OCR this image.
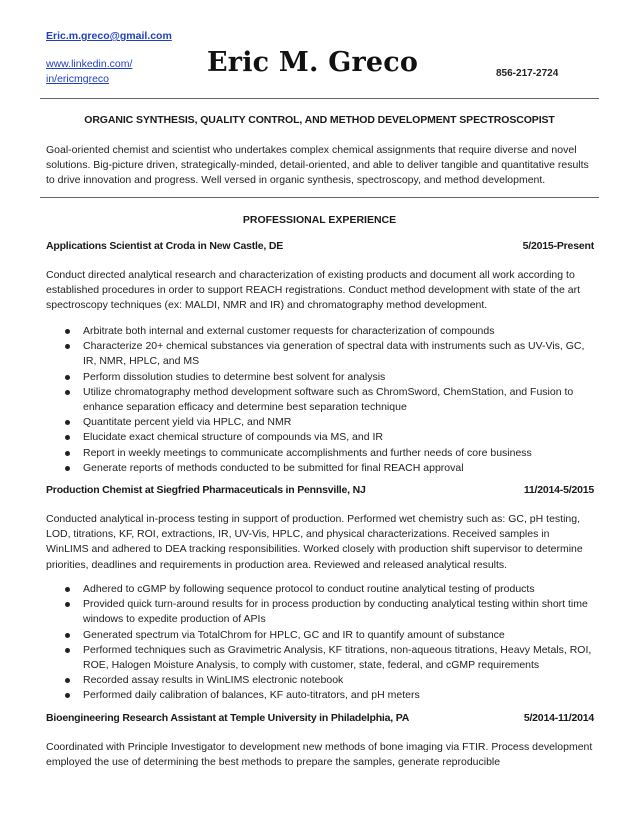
Eric.m.greco@gmail.com
www.linkedin.com/ in/ericmgreco
Eric M. Greco	856-217-2724
ORGANIC SYNTHESIS, QUALITY CONTROL, AND METHOD DEVELOPMENT SPECTROSCOPIST
Goal-oriented chemist and scientist who undertakes complex chemical assignments that require diverse and novel solutions. Big-picture driven, strategically-minded, detail-oriented, and able to deliver tangible and quantitative results to drive innovation and progress. Well versed in organic synthesis, spectroscopy, and method development.
PROFESSIONAL EXPERIENCE
Applications Scientist at Croda in New Castle, DE	5/2015-Present
Conduct directed analytical research and characterization of existing products and document all work according to established procedures in order to support REACH registrations. Conduct method development with state of the art spectroscopy techniques (ex: MALDI, NMR and IR) and chromatography method development.
Arbitrate both internal and external customer requests for characterization of compounds
Characterize 20+ chemical substances via generation of spectral data with instruments such as UV-Vis, GC, IR, NMR, HPLC, and MS
Perform dissolution studies to determine best solvent for analysis
Utilize chromatography method development software such as ChromSword, ChemStation, and Fusion to enhance separation efficacy and determine best separation technique
Quantitate percent yield via HPLC, and NMR
Elucidate exact chemical structure of compounds via MS, and IR
Report in weekly meetings to communicate accomplishments and further needs of core business
Generate reports of methods conducted to be submitted for final REACH approval
Production Chemist at Siegfried Pharmaceuticals in Pennsville, NJ	11/2014-5/2015
Conducted analytical in-process testing in support of production. Performed wet chemistry such as: GC, pH testing, LOD, titrations, KF, ROI, extractions, IR, UV-Vis, HPLC, and physical characterizations. Received samples in WinLIMS and adhered to DEA tracking responsibilities. Worked closely with production shift supervisor to determine priorities, deadlines and requirements in production area. Reviewed and released analytical results.
Adhered to cGMP by following sequence protocol to conduct routine analytical testing of products
Provided quick turn-around results for in process production by conducting analytical testing within short time windows to expedite production of APIs
Generated spectrum via TotalChrom for HPLC, GC and IR to quantify amount of substance
Performed techniques such as Gravimetric Analysis, KF titrations, non-aqueous titrations, Heavy Metals, ROI, ROE, Halogen Moisture Analysis, to comply with customer, state, federal, and cGMP requirements
Recorded assay results in WinLIMS electronic notebook
Performed daily calibration of balances, KF auto-titrators, and pH meters
Bioengineering Research Assistant at Temple University in Philadelphia, PA	5/2014-11/2014
Coordinated with Principle Investigator to development new methods of bone imaging via FTIR. Process development employed the use of determining the best methods to prepare the samples, generate reproducible
